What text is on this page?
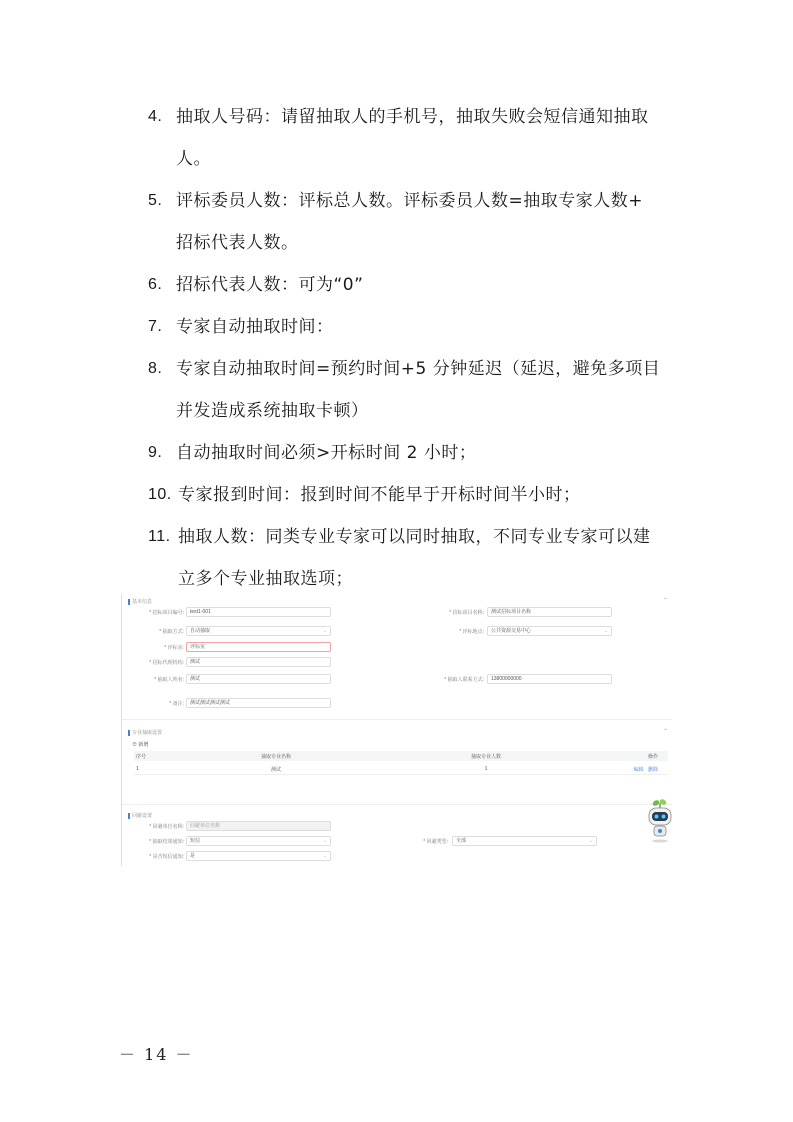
4. 抽取人号码：请留抽取人的手机号，抽取失败会短信通知抽取
人。
5. 评标委员人数：评标总人数。评标委员人数=抽取专家人数+
招标代表人数。
6. 招标代表人数：可为“0”
7. 专家自动抽取时间：
8. 专家自动抽取时间=预约时间+5 分钟延迟（延迟，避免多项目
并发造成系统抽取卡顿）
9. 自动抽取时间必须>开标时间 2 小时；
10. 专家报到时间：报到时间不能早于开标时间半小时；
11. 抽取人数：同类专业专家可以同时抽取，不同专业专家可以建
立多个专业抽取选项；
基本信息	⌃
* 招标项目编号:	test1-001	* 招标项目名称:	测试招标项目名称
* 抽取方式:	自动抽取	⌄	* 评标地点:	公共资源交易中心	⌄
* 评标室:	评标室
* 招标代理机构:	测试
* 抽取人姓名:	测试	* 抽取人联系方式:	13800000000
* 备注:	测试测试测试测试
专业抽取设置	⌃
⊕ 新增
序号	抽取专业名称	抽取专业人数	操作
1	测试	1	编辑 删除
回避设置
* 回避单位名称:	回避单位名称
* 抽取结果通知:	短信	⌄	* 回避类型:	全部	⌄
* 是否短信通知:	是	⌄
－ 14 －
